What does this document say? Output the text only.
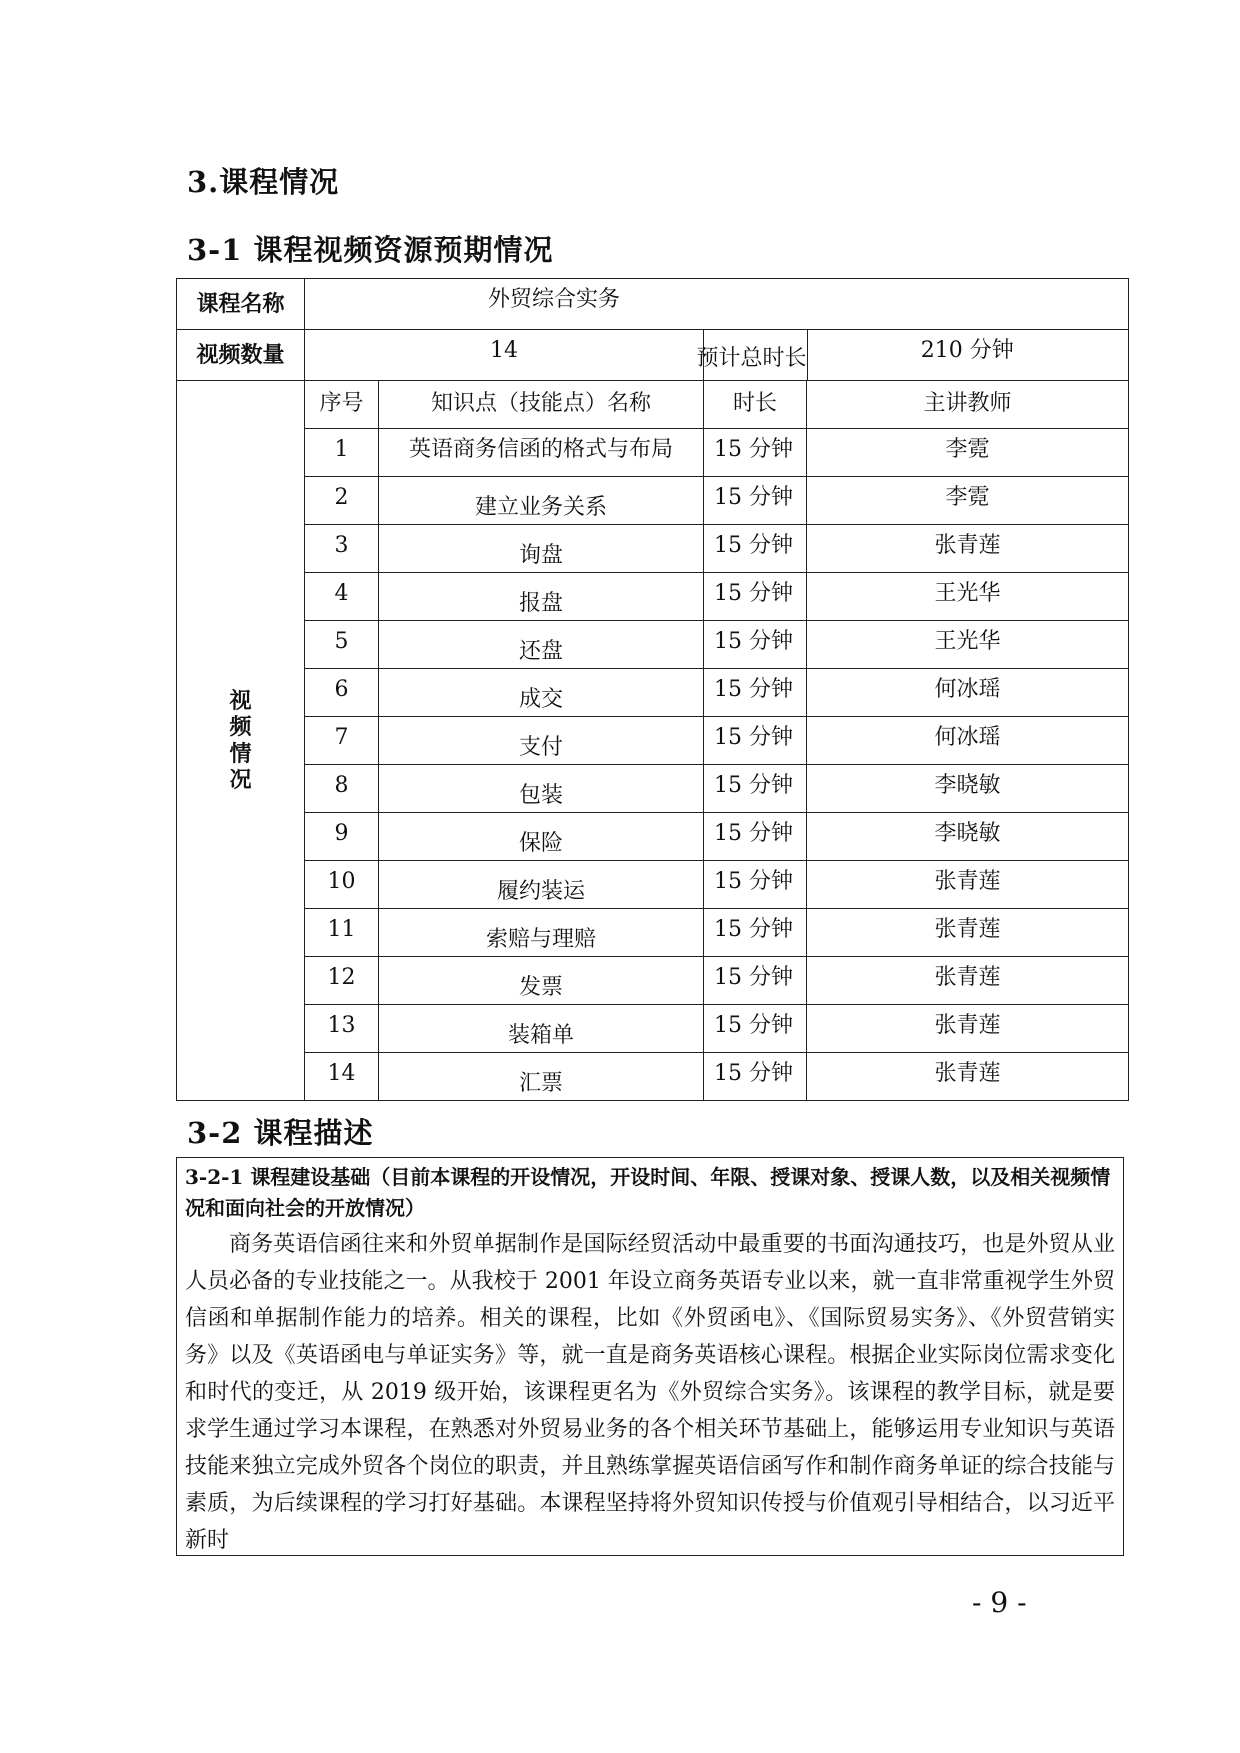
3.课程情况
3-1 课程视频资源预期情况
课程名称	外贸综合实务			

视频数量	14			预计总时长 210 分钟

视
频
情
况	序号	知识点（技能点）名称	时长	主讲教师

	1	英语商务信函的格式与布局	15 分钟	李霓

	2	建立业务关系	15 分钟	李霓

	3	询盘	15 分钟	张青莲

	4	报盘	15 分钟	王光华

	5	还盘	15 分钟	王光华

	6	成交	15 分钟	何冰瑶

	7	支付	15 分钟	何冰瑶

	8	包装	15 分钟	李晓敏

	9	保险	15 分钟	李晓敏

	10	履约装运	15 分钟	张青莲

	11	索赔与理赔	15 分钟	张青莲

	12	发票	15 分钟	张青莲

	13	装箱单	15 分钟	张青莲

	14	汇票	15 分钟	张青莲
3-2 课程描述
3-2-1 课程建设基础（目前本课程的开设情况，开设时间、年限、授课对象、授课人数，以及相关视频情况和面向社会的开放情况）
商务英语信函往来和外贸单据制作是国际经贸活动中最重要的书面沟通技巧，也是外贸从业人员必备的专业技能之一。从我校于 2001 年设立商务英语专业以来，就一直非常重视学生外贸信函和单据制作能力的培养。相关的课程，比如《外贸函电》、《国际贸易实务》、《外贸营销实务》以及《英语函电与单证实务》等，就一直是商务英语核心课程。根据企业实际岗位需求变化和时代的变迁，从 2019 级开始，该课程更名为《外贸综合实务》。该课程的教学目标，就是要求学生通过学习本课程，在熟悉对外贸易业务的各个相关环节基础上，能够运用专业知识与英语技能来独立完成外贸各个岗位的职责，并且熟练掌握英语信函写作和制作商务单证的综合技能与素质，为后续课程的学习打好基础。本课程坚持将外贸知识传授与价值观引导相结合，以习近平新时
- 9 -
